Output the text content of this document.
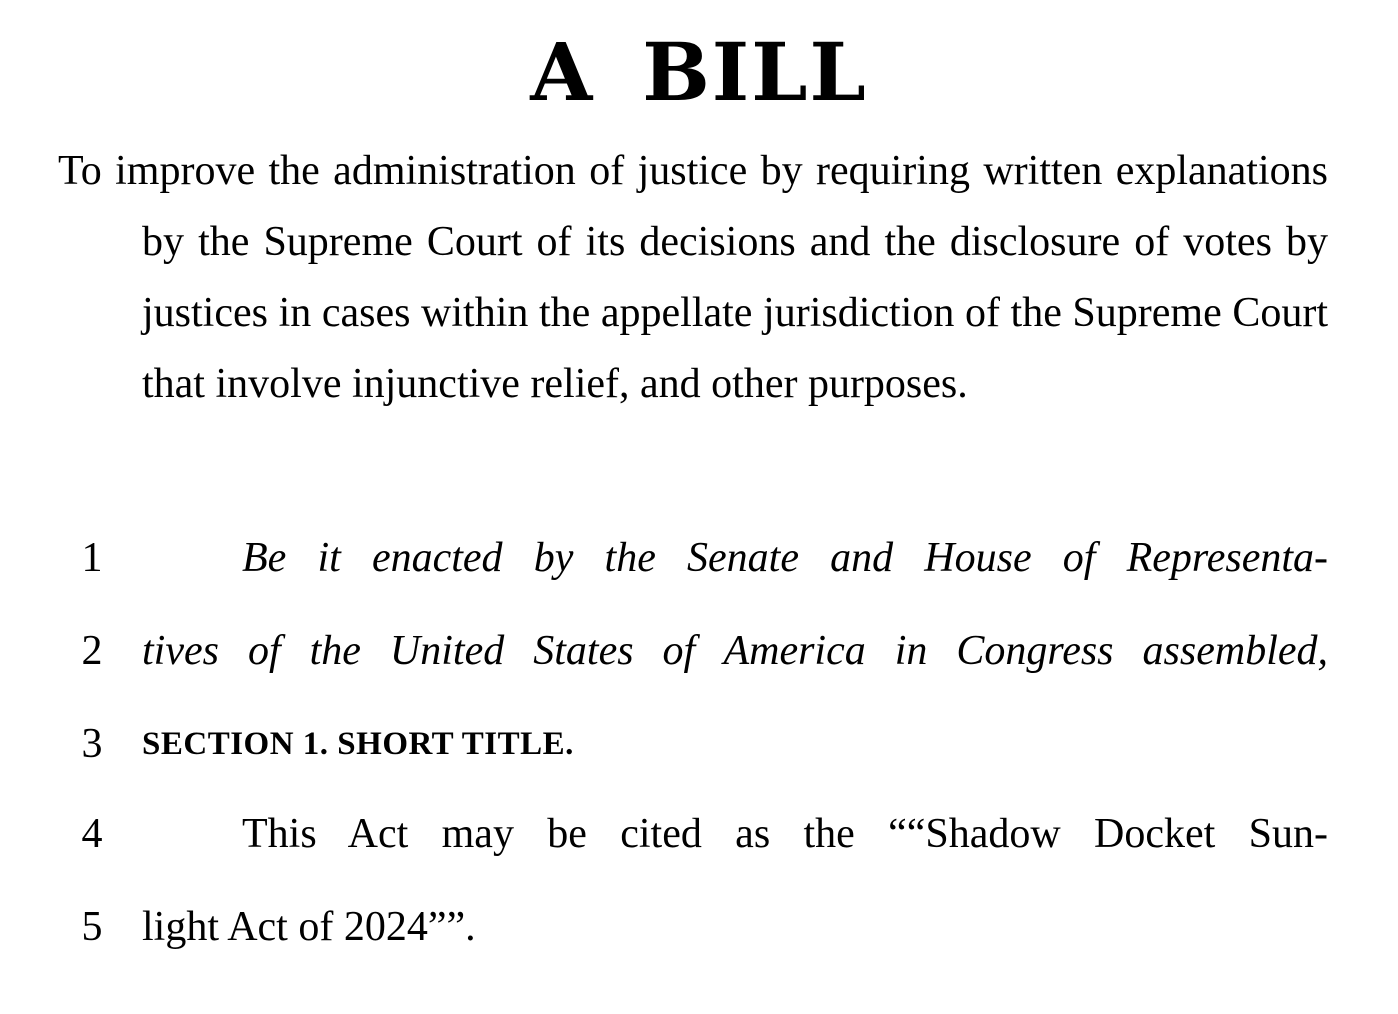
A BILL
To improve the administration of justice by requiring written explanations by the Supreme Court of its decisions and the disclosure of votes by justices in cases within the appellate jurisdiction of the Supreme Court that involve injunctive relief, and other purposes.
1	Be it enacted by the Senate and House of Representa-
2 tives of the United States of America in Congress assembled,
3	SECTION 1. SHORT TITLE.
4	This Act may be cited as the ““Shadow Docket Sun-
5 light Act of 2024””.
